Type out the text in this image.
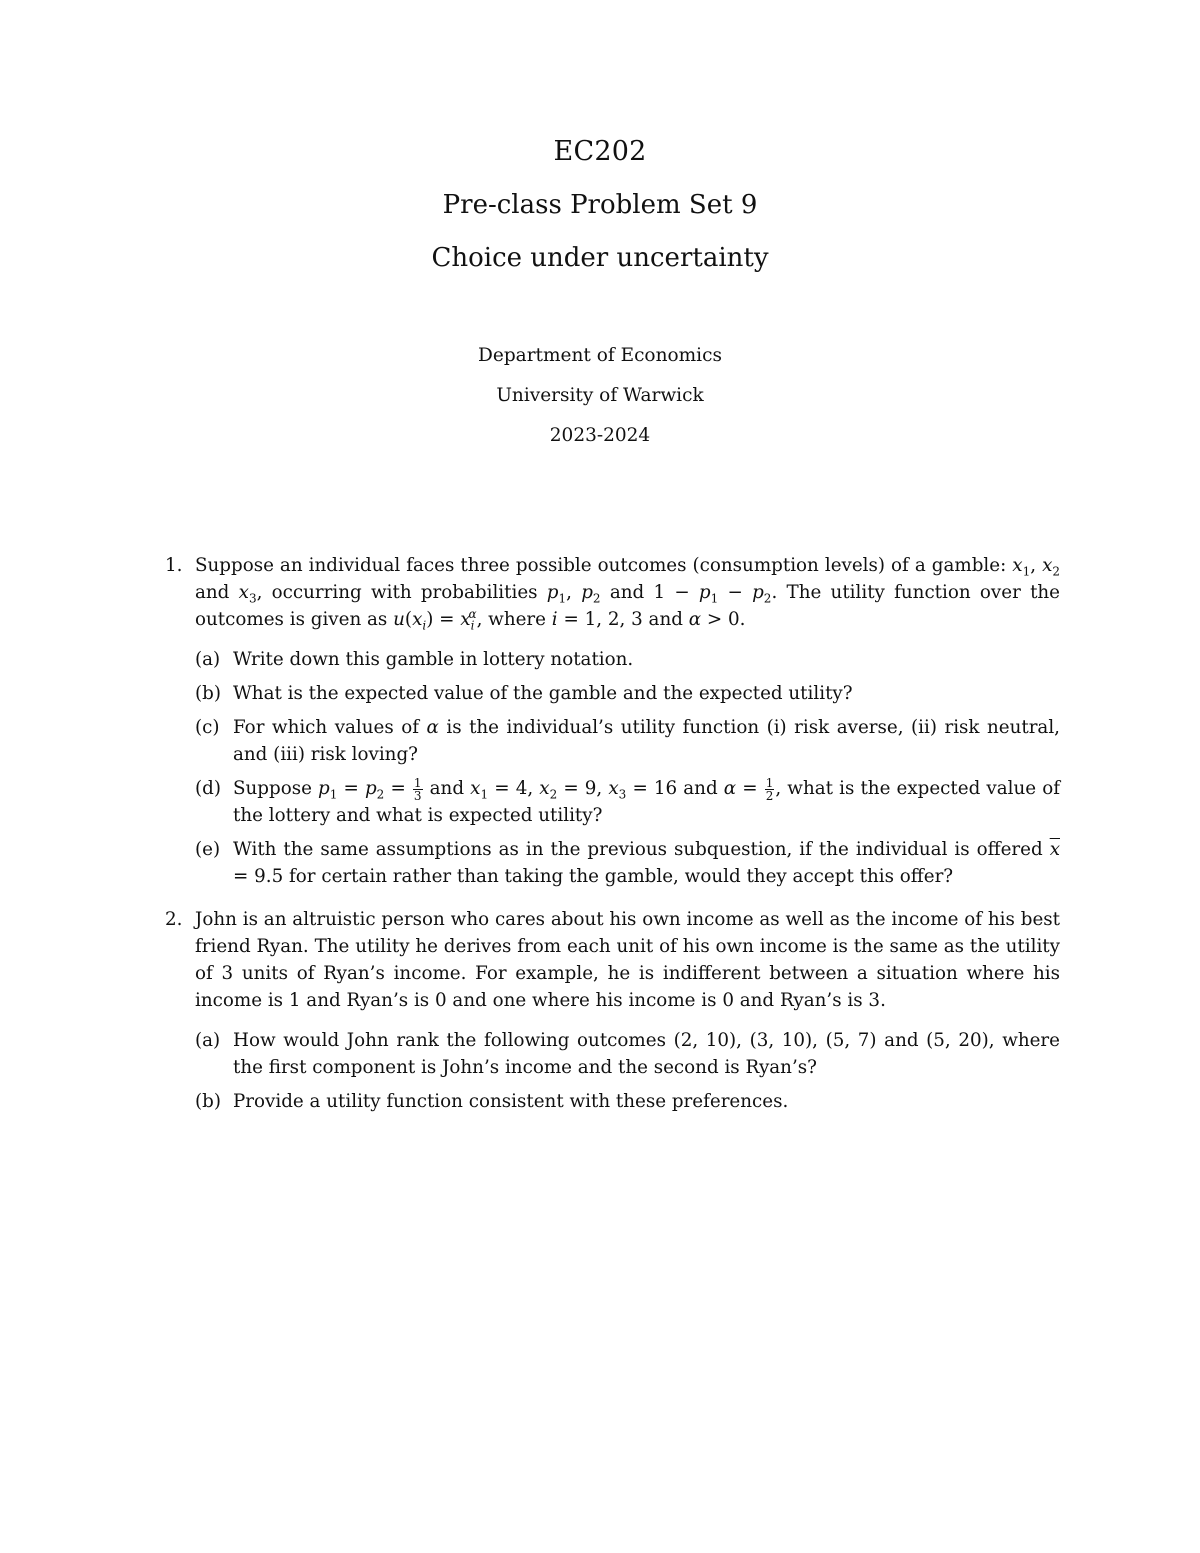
EC202
Pre-class Problem Set 9
Choice under uncertainty
Department of Economics
University of Warwick
2023-2024
1. Suppose an individual faces three possible outcomes (consumption levels) of a gamble: $x_1$, $x_2$ and $x_3$, occurring with probabilities $p_1$, $p_2$ and $1 - p_1 - p_2$. The utility function over the outcomes is given as $u(x_i) = x_i^\alpha$, where i = 1, 2, 3 and α > 0.
(a) Write down this gamble in lottery notation.
(b) What is the expected value of the gamble and the expected utility?
(c) For which values of α is the individual’s utility function (i) risk averse, (ii) risk neutral, and (iii) risk loving?
(d) Suppose $p_1 = p_2 = \frac{1}{3}$ and $x_1 = 4$, $x_2 = 9$, $x_3 = 16$ and $\alpha = \frac{1}{2}$ , what is the expected value of the lottery and what is expected utility?
(e) With the same assumptions as in the previous subquestion, if the individual is offered $\overline{x} = 9.5$ for certain rather than taking the gamble, would they accept this offer?
2. John is an altruistic person who cares about his own income as well as the income of his best friend Ryan. The utility he derives from each unit of his own income is the same as the utility of 3 units of Ryan’s income. For example, he is indifferent between a situation where his income is 1 and Ryan’s is 0 and one where his income is 0 and Ryan’s is 3.
(a) How would John rank the following outcomes (2, 10), (3, 10), (5, 7) and (5, 20), where the first component is John’s income and the second is Ryan’s?
(b) Provide a utility function consistent with these preferences.
